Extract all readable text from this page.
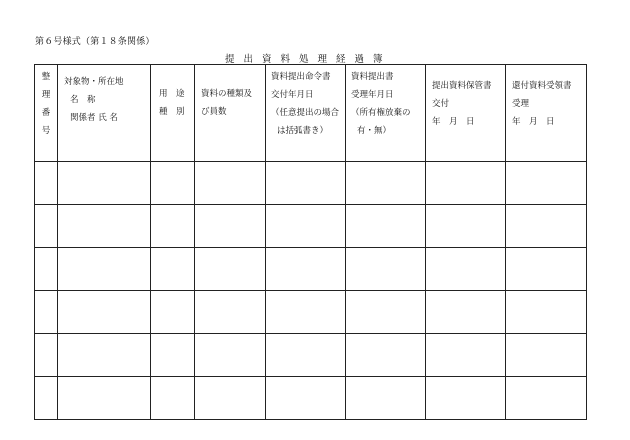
第６号様式（第１８条関係）
提出資料処理経過簿
整
理
番
号	対象物・所在地
名　称
関係者 氏 名	用　途
種　別	資料の種類及
び員数	資料提出命令書
交付年月日
（任意提出の場合
は括弧書き）	資料提出書
受理年月日
（所有権放棄の
有・無）	提出資料保管書
交付
年　月　日	還付資料受領書
受理
年　月　日
